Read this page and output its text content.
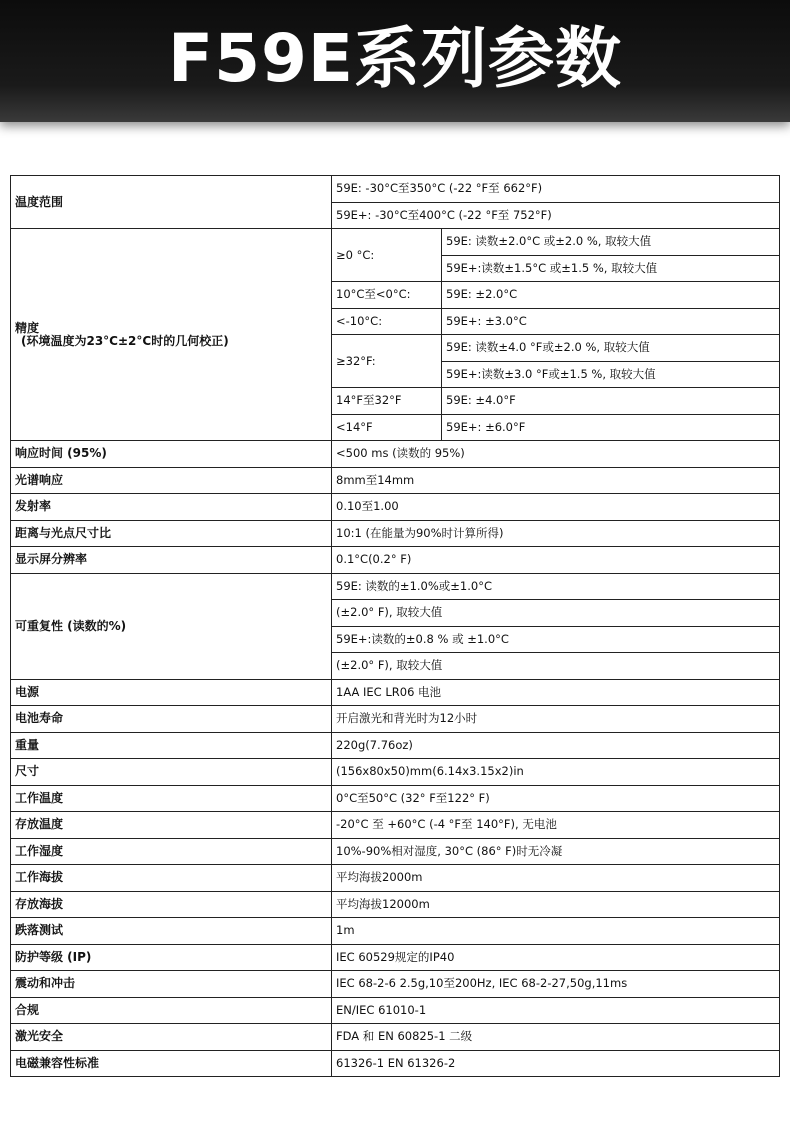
F59E系列参数
温度范围	59E: -30°C至350°C (-22 °F至 662°F)	
	59E+: -30°C至400°C (-22 °F至 752°F)	
精度
(环境温度为23°C±2°C时的几何校正)	≥0 °C:	59E: 读数±2.0°C 或±2.0 %, 取较大值
		59E+:读数±1.5°C 或±1.5 %, 取较大值
	10°C至<0°C:	59E: ±2.0°C
	<-10°C:	59E+: ±3.0°C
	≥32°F:	59E: 读数±4.0 °F或±2.0 %, 取较大值
		59E+:读数±3.0 °F或±1.5 %, 取较大值
	14°F至32°F	59E: ±4.0°F
	<14°F	59E+: ±6.0°F
响应时间 (95%)	<500 ms (读数的 95%)	
光谱响应	8mm至14mm	
发射率	0.10至1.00	
距离与光点尺寸比	10:1 (在能量为90%时计算所得)	
显示屏分辨率	0.1°C(0.2° F)	
可重复性 (读数的%)	59E: 读数的±1.0%或±1.0°C	
	(±2.0° F), 取较大值	
	59E+:读数的±0.8 % 或 ±1.0°C	
	(±2.0° F), 取较大值	
电源	1AA IEC LR06 电池	
电池寿命	开启激光和背光时为12小时	
重量	220g(7.76oz)	
尺寸	(156x80x50)mm(6.14x3.15x2)in	
工作温度	0°C至50°C (32° F至122° F)	
存放温度	-20°C 至 +60°C (-4 °F至 140°F), 无电池	
工作湿度	10%-90%相对湿度, 30°C (86° F)时无冷凝	
工作海拔	平均海拔2000m	
存放海拔	平均海拔12000m	
跌落测试	1m	
防护等级 (IP)	IEC 60529规定的IP40	
震动和冲击	IEC 68-2-6 2.5g,10至200Hz, IEC 68-2-27,50g,11ms	
合规	EN/IEC 61010-1	
激光安全	FDA 和 EN 60825-1 二级	
电磁兼容性标准	61326-1 EN 61326-2	
